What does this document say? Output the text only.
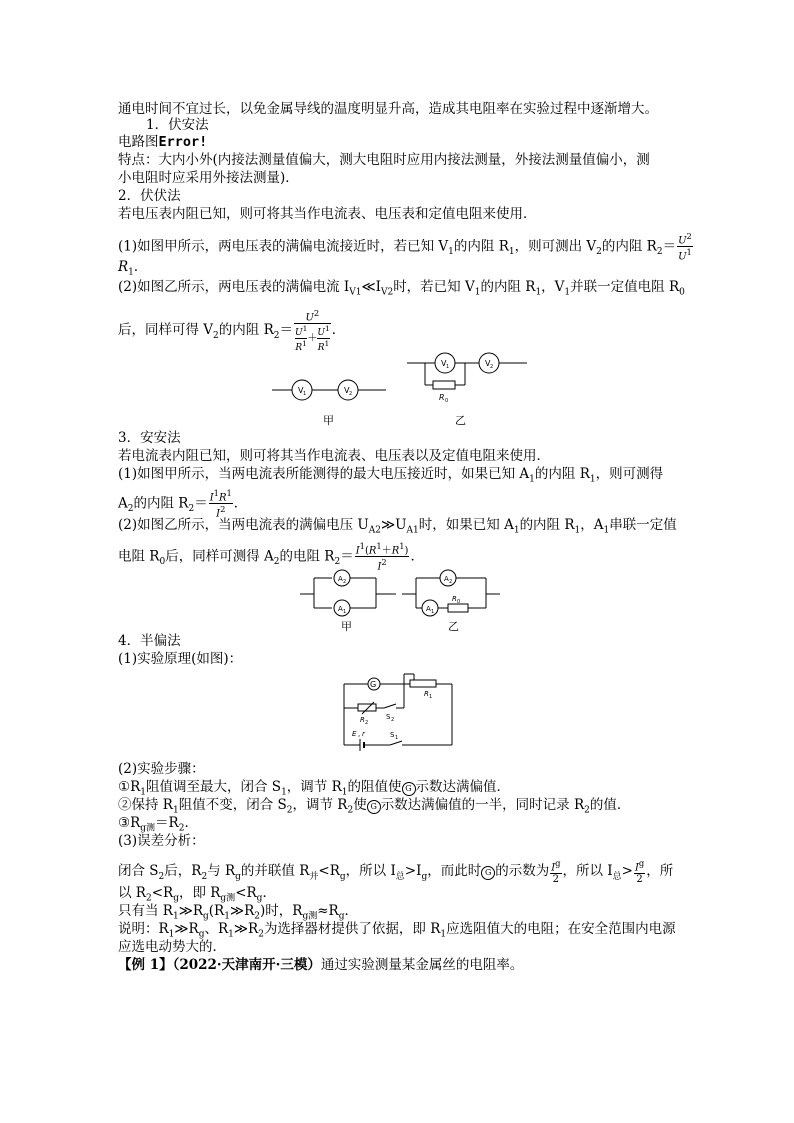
通电时间不宜过长，以免金属导线的温度明显升高，造成其电阻率在实验过程中逐渐增大。
1．伏安法
电路图Error!
特点：大内小外(内接法测量值偏大，测大电阻时应用内接法测量，外接法测量值偏小，测
小电阻时应采用外接法测量)．
2．伏伏法
若电压表内阻已知，则可将其当作电流表、电压表和定值电阻来使用．
(1)如图甲所示，两电压表的满偏电流接近时，若已知 $V_1$的内阻 $R_1$，则可测出 $V_2$的内阻 $R_2= \frac{U^2}{U^1}$
$R_1$．
(2)如图乙所示，两电压表的满偏电流 $I_{V1}≪I_{V2}$时，若已知 $V_1$的内阻 $R_1$，$V_1$并联一定值电阻 $R_0$
后，同样可得 $V_2$的内阻 $R_2= \frac{U^2}{\frac{U^1}{R^1} + \frac{U^1}{R^1}}$ ．
V 1	V 2
甲
V 1	V 2
R 0
乙
3．安安法
若电流表内阻已知，则可将其当作电流表、电压表以及定值电阻来使用．
(1)如图甲所示，当两电流表所能测得的最大电压接近时，如果已知 $A_1$的内阻 $R_1$，则可测得
$A_2$的内阻 $R_2= \frac{I^1R^1}{I^2}$ ．
(2)如图乙所示，当两电流表的满偏电压 $U_{A2}≫U_{A1}$时，如果已知 $A_1$的内阻 $R_1$，$A_1$串联一定值
电阻 $R_0$后，同样可测得 $A_2$的电阻 $R_2= \frac{I^1(R^1+R^1)}{I^2}$ ．
A 2
A 1
甲
A 2
A 1
R 0
乙
4．半偏法
(1)实验原理(如图)：
G
R 1
R 2
S 2
E , r	S 1
(2)实验步骤：
$①R_1$阻值调至最大，闭合 $S_1$，调节 $R_1$的阻值使 G 示数达满偏值．
②保持 $R_1$阻值不变，闭合 $S_2$，调节 $R_2$使 G 示数达满偏值的一半，同时记录 $R_2$的值．
$③R_{g测}=R_2$．
(3)误差分析：
闭合 $S_2$后，$R_2$与 $R_g$的并联值 $R_并<R_g$，所以 $I_总>I_g$，而此时 G 的示数为 $\frac{I^g}{2}$ ，所以 $I_总> \frac{I^g}{2}$ ，所
以 $R_2<R_g$，即 $R_{g测}<R_g$．
只有当 $R_1≫R_g(R_1≫R_2)$时，$R_{g测}\approx R_g$．
说明：$R_1≫R_g$、$R_1≫R_2$为选择器材提供了依据，即 $R_1$应选阻值大的电阻；在安全范围内电源
应选电动势大的．
【例 1】（2022·天津南开·三模）通过实验测量某金属丝的电阻率。
